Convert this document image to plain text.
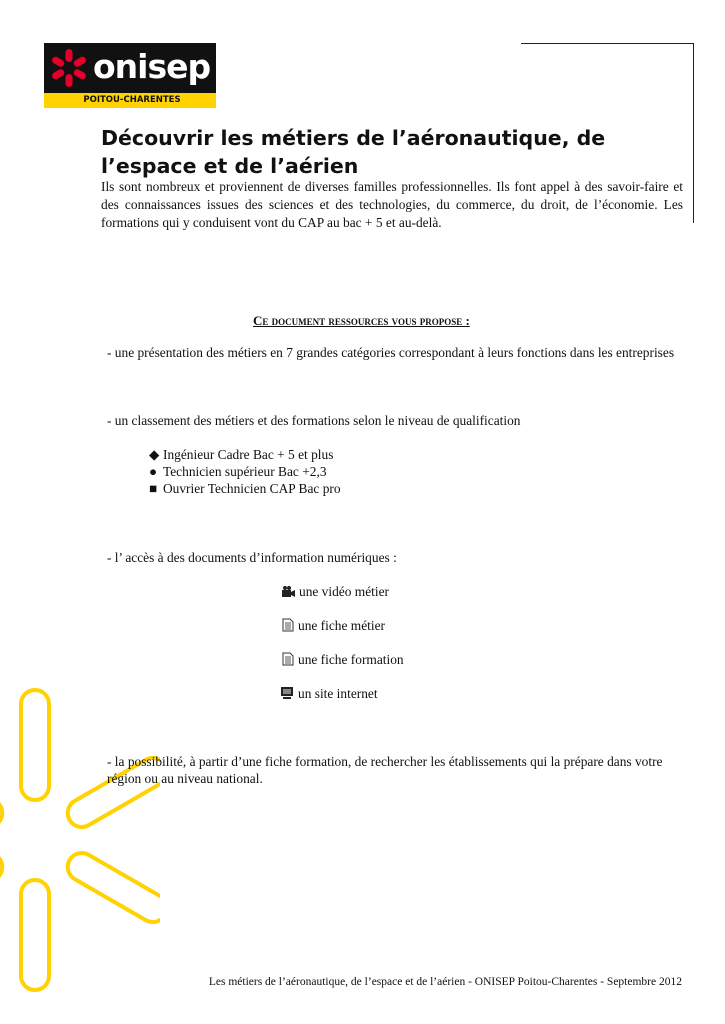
onisep
POITOU-CHARENTES
Découvrir les métiers de l’aéronautique, de l’espace et de l’aérien

Ils sont nombreux et proviennent de diverses familles professionnelles. Ils font appel à des savoir-faire et des connaissances issues des sciences et des technologies, du commerce, du droit, de l’économie. Les formations qui y conduisent vont du CAP au bac + 5 et au-delà.

Ce document ressources vous propose :

- une présentation des métiers en 7 grandes catégories correspondant à leurs fonctions dans les entreprises

- un classement des métiers et des formations selon le niveau de qualification

◆ Ingénieur Cadre Bac + 5 et plus
● Technicien supérieur Bac +2,3
■ Ouvrier Technicien CAP Bac pro

- l’ accès à des documents d’information numériques :

une vidéo métier
une fiche métier
une fiche formation
un site internet

- la possibilité, à partir d’une fiche formation, de rechercher les établissements qui la prépare dans votre région ou au niveau national.

Les métiers de l’aéronautique, de l’espace et de l’aérien - ONISEP Poitou-Charentes - Septembre 2012
